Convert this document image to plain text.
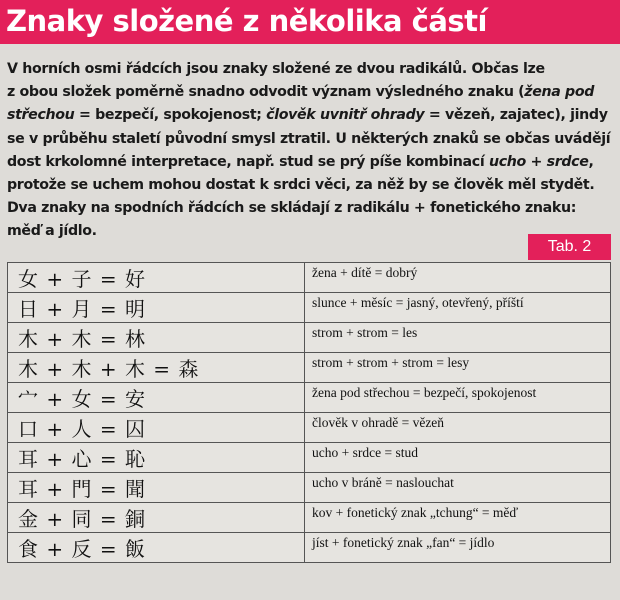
Znaky složené z několika částí
V horních osmi řádcích jsou znaky složené ze dvou radikálů. Občas lze
z obou složek poměrně snadno odvodit význam výsledného znaku (žena pod
střechou = bezpečí, spokojenost; člověk uvnitř ohrady = vězeň, zajatec), jindy
se v průběhu staletí původní smysl ztratil. U některých znaků se občas uvádějí
dost krkolomné interpretace, např. stud se prý píše kombinací ucho + srdce,
protože se uchem mohou dostat k srdci věci, za něž by se člověk měl stydět.
Dva znaky na spodních řádcích se skládají z radikálu + fonetického znaku:
měď a jídlo.
Tab. 2
女 + 子 = 好	žena + dítě = dobrý
日 + 月 = 明	slunce + měsíc = jasný, otevřený, příští
木 + 木 = 林	strom + strom = les
木 + 木 + 木 = 森	strom + strom + strom = lesy
宀 + 女 = 安	žena pod střechou = bezpečí, spokojenost
口 + 人 = 囚	člověk v ohradě = vězeň
耳 + 心 = 恥	ucho + srdce = stud
耳 + 門 = 聞	ucho v bráně = naslouchat
金 + 同 = 銅	kov + fonetický znak „tchung“ = měď
食 + 反 = 飯	jíst + fonetický znak „fan“ = jídlo
